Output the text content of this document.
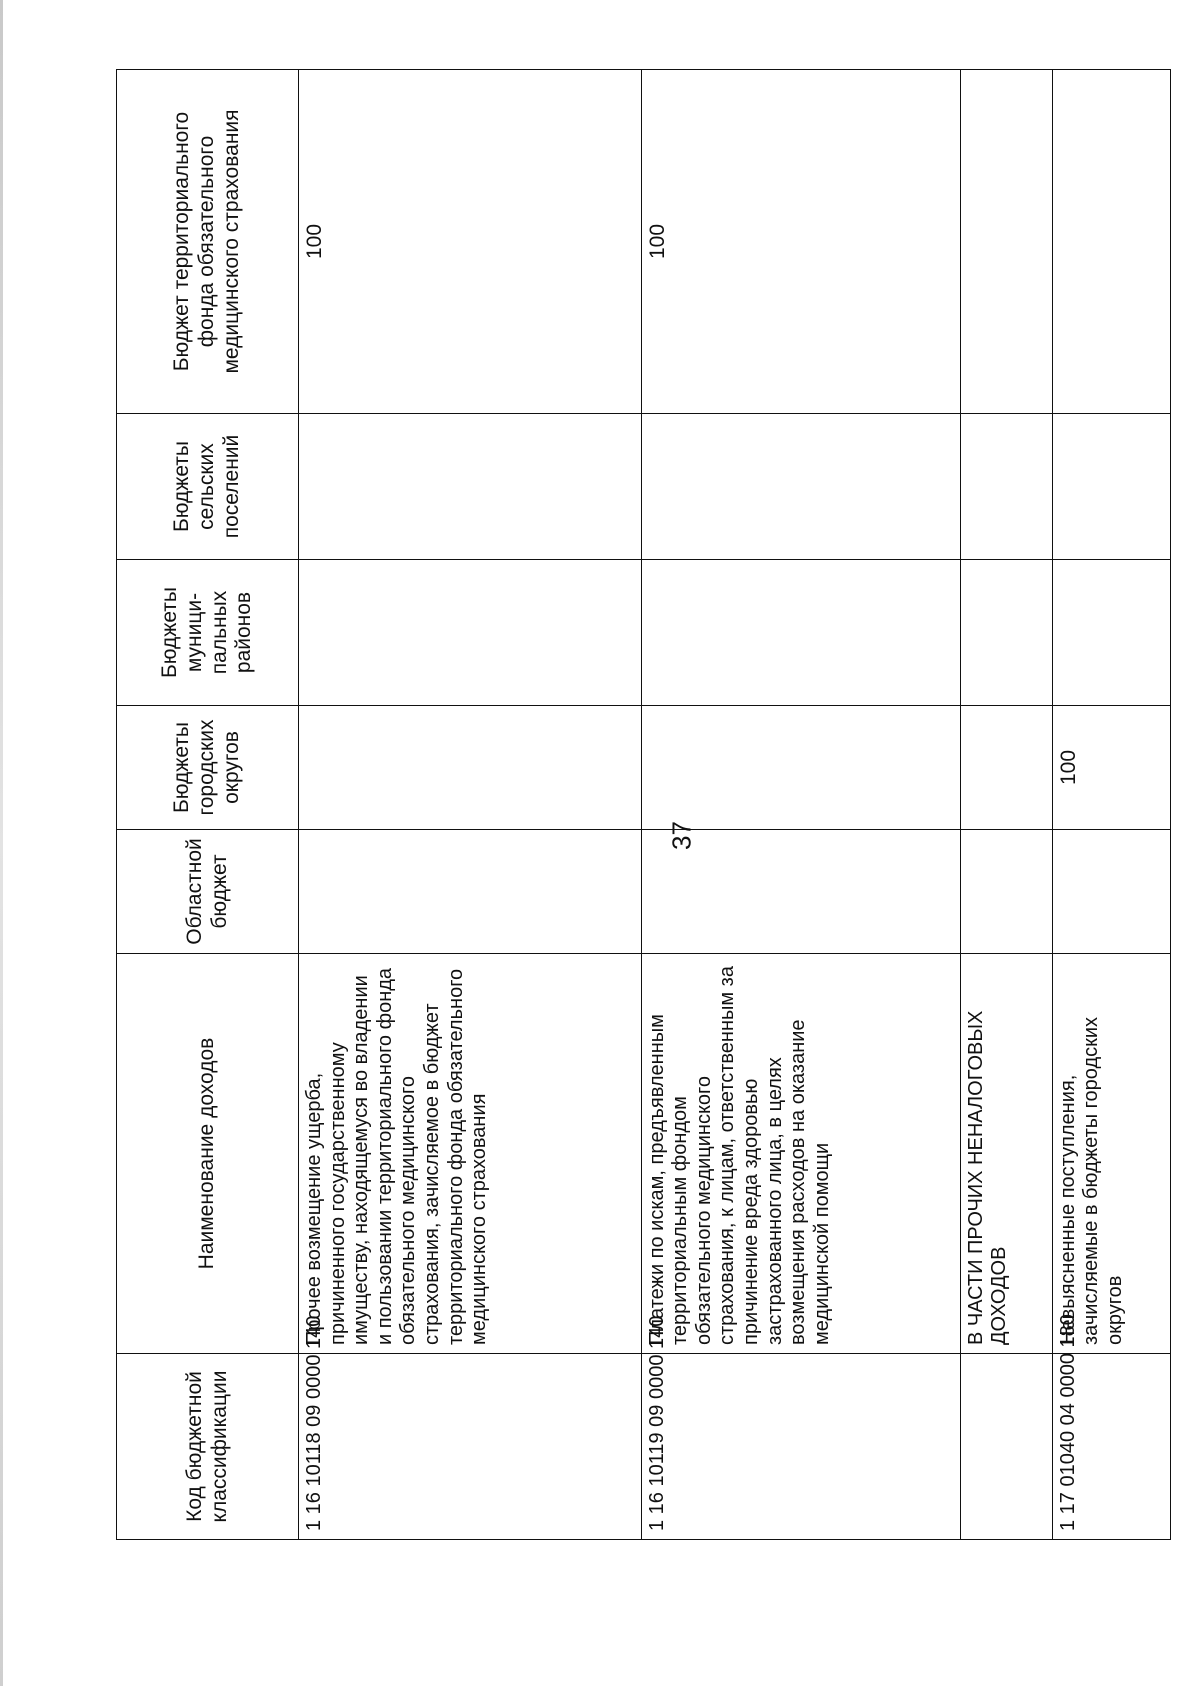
37
Код бюджетной классификации	Наименование доходов	Областной бюджет	Бюджеты городских округов	Бюджеты муници-пальных районов	Бюджеты сельских поселений	Бюджет территориального фонда обязательного медицинского страхования
1 16 10118 09 0000 140	Прочее возмещение ущерба, причиненного государственному имуществу, находящемуся во владении и пользовании территориального фонда обязательного медицинского страхования, зачисляемое в бюджет территориального фонда обязательного медицинского страхования					100
1 16 10119 09 0000 140	Платежи по искам, предъявленным территориальным фондом обязательного медицинского страхования, к лицам, ответственным за причинение вреда здоровью застрахованного лица, в целях возмещения расходов на оказание медицинской помощи					100
	В ЧАСТИ ПРОЧИХ НЕНАЛОГОВЫХ ДОХОДОВ					
1 17 01040 04 0000 180	Невыясненные поступления, зачисляемые в бюджеты городских округов		100			
